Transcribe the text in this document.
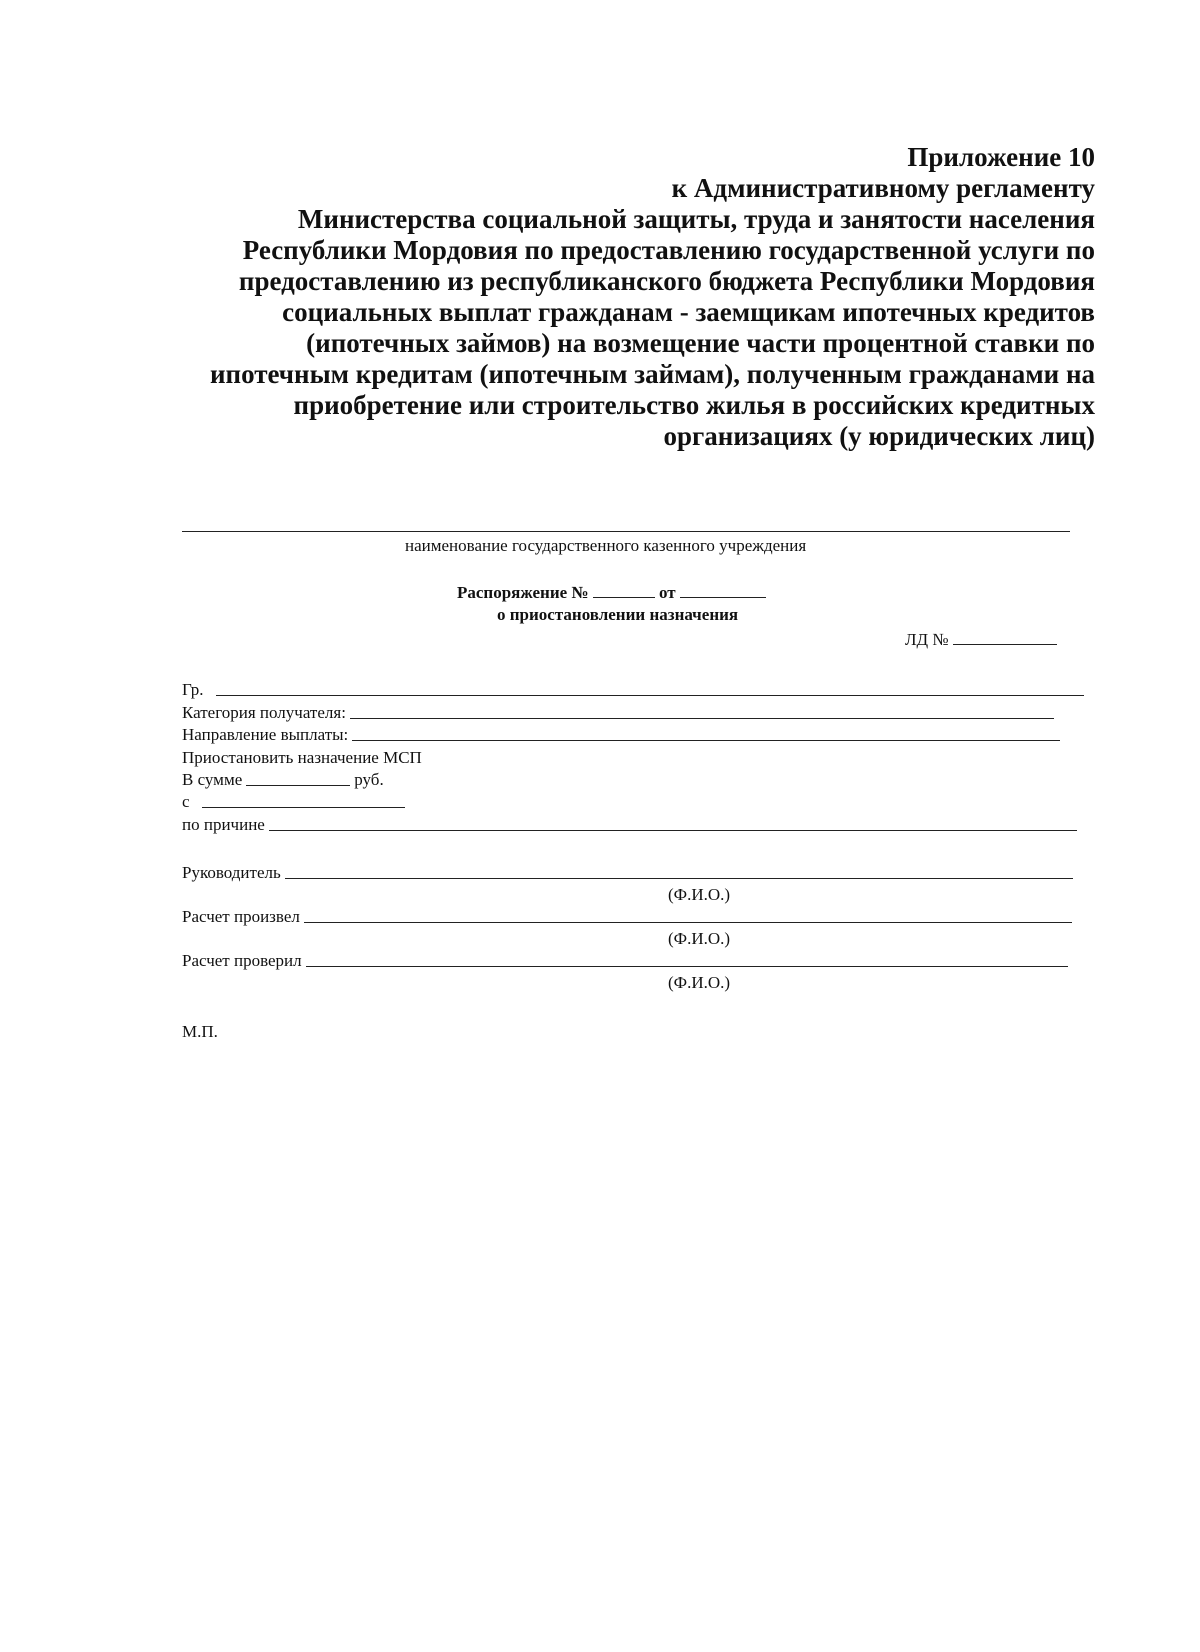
Приложение 10
к Административному регламенту
Министерства социальной защиты, труда и занятости населения
Республики Мордовия по предоставлению государственной услуги по
предоставлению из республиканского бюджета Республики Мордовия
социальных выплат гражданам - заемщикам ипотечных кредитов
(ипотечных займов) на возмещение части процентной ставки по
ипотечным кредитам (ипотечным займам), полученным гражданами на
приобретение или строительство жилья в российских кредитных
организациях (у юридических лиц)
наименование государственного казенного учреждения
Распоряжение №	от
о приостановлении назначения
ЛД №
Гр.
Категория получателя:
Направление выплаты:
Приостановить назначение МСП
В сумме	руб.
с
по причине
Руководитель
(Ф.И.О.)
Расчет произвел
(Ф.И.О.)
Расчет проверил
(Ф.И.О.)
М.П.
